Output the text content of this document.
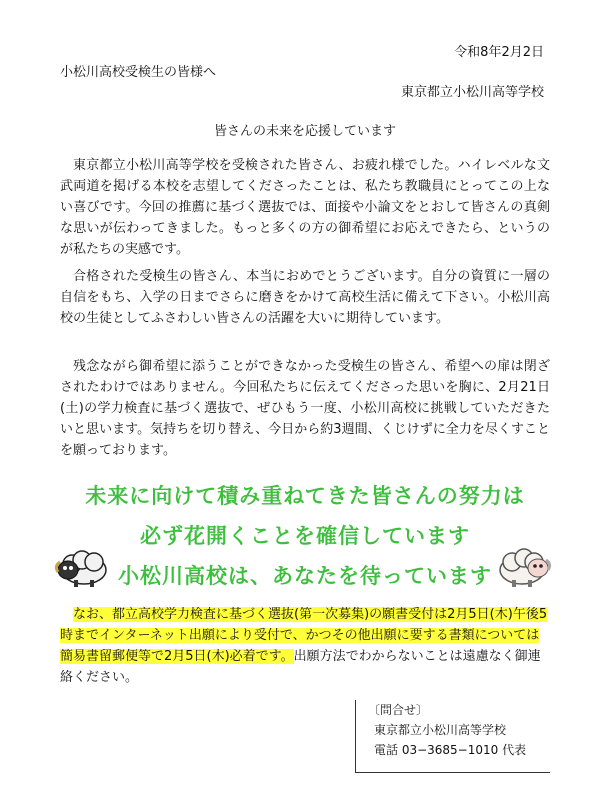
令和8年2月2日
小松川高校受検生の皆様へ
東京都立小松川高等学校
皆さんの未来を応援しています

東京都立小松川高等学校を受検された皆さん、お疲れ様でした。ハイレベルな文武両道を掲げる本校を志望してくださったことは、私たち教職員にとってこの上ない喜びです。今回の推薦に基づく選抜では、面接や小論文をとおして皆さんの真剣な思いが伝わってきました。もっと多くの方の御希望にお応えできたら、というのが私たちの実感です。

合格された受検生の皆さん、本当におめでとうございます。自分の資質に一層の自信をもち、入学の日までさらに磨きをかけて高校生活に備えて下さい。小松川高校の生徒としてふさわしい皆さんの活躍を大いに期待しています。

残念ながら御希望に添うことができなかった受検生の皆さん、希望への扉は閉ざされたわけではありません。今回私たちに伝えてくださった思いを胸に、2月21日(土)の学力検査に基づく選抜で、ぜひもう一度、小松川高校に挑戦していただきたいと思います。気持ちを切り替え、今日から約3週間、くじけずに全力を尽くすことを願っております。

未来に向けて積み重ねてきた皆さんの努力は
必ず花開くことを確信しています
小松川高校は、あなたを待っています

なお、都立高校学力検査に基づく選抜(第一次募集)の願書受付は2月5日(木)午後5時までインターネット出願により受付で、かつその他出願に要する書類については簡易書留郵便等で2月5日(木)必着です。出願方法でわからないことは遠慮なく御連絡ください。

〔問合せ〕
東京都立小松川高等学校
電話 03−3685−1010 代表
